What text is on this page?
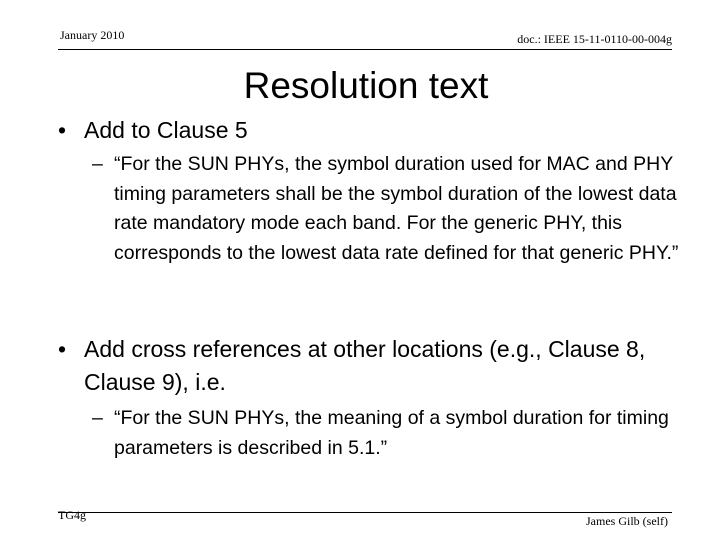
January 2010	doc.: IEEE 15-11-0110-00-004g
Resolution text
• Add to Clause 5
– “For the SUN PHYs, the symbol duration used for MAC and PHY timing parameters shall be the symbol duration of the lowest data rate mandatory mode each band. For the generic PHY, this corresponds to the lowest data rate defined for that generic PHY.”
• Add cross references at other locations (e.g., Clause 8, Clause 9), i.e.
– “For the SUN PHYs, the meaning of a symbol duration for timing parameters is described in 5.1.”
TG4g	James Gilb (self)
